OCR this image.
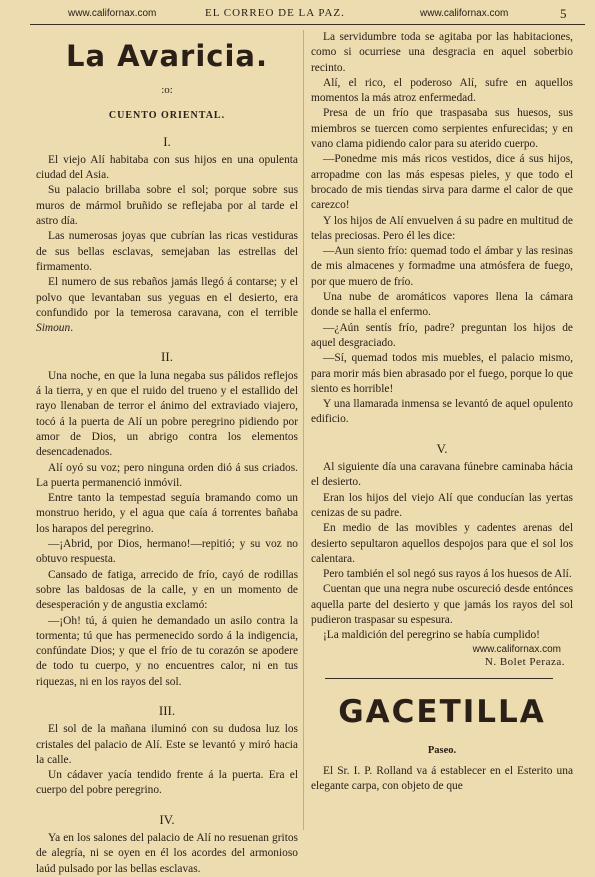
www.californax.com	EL CORREO DE LA PAZ.	www.californax.com	5
La Avaricia.
:o:
CUENTO ORIENTAL.
I.

El viejo Alí habitaba con sus hijos en una opulenta ciudad del Asia.

Su palacio brillaba sobre el sol; porque sobre sus muros de mármol bruñido se reflejaba por al tarde el astro día.

Las numerosas joyas que cubrían las ricas vestiduras de sus bellas esclavas, semejaban las estrellas del firmamento.

El numero de sus rebaños jamás llegó á contarse; y el polvo que levantaban sus yeguas en el desierto, era confundido por la temerosa caravana, con el terrible Simoun.

II.

Una noche, en que la luna negaba sus pálidos reflejos á la tierra, y en que el ruido del trueno y el estallido del rayo llenaban de terror el ánimo del extraviado viajero, tocó á la puerta de Alí un pobre peregrino pidiendo por amor de Dios, un abrigo contra los elementos desencadenados.

Alí oyó su voz; pero ninguna orden dió á sus criados. La puerta permanenció inmóvil.

Entre tanto la tempestad seguía bramando como un monstruo herido, y el agua que caía á torrentes bañaba los harapos del peregrino.

—¡Abrid, por Dios, hermano!—repitió; y su voz no obtuvo respuesta.

Cansado de fatiga, arrecido de frío, cayó de rodillas sobre las baldosas de la calle, y en un momento de desesperación y de angustia exclamó:

—¡Oh! tú, á quien he demandado un asilo contra la tormenta; tú que has permenecido sordo á la indigencia, confúndate Dios; y que el frío de tu corazón se apodere de todo tu cuerpo, y no encuentres calor, ni en tus riquezas, ni en los rayos del sol.

III.

El sol de la mañana iluminó con su dudosa luz los cristales del palacio de Alí. Este se levantó y miró hacia la calle.

Un cádaver yacía tendido frente á la puerta. Era el cuerpo del pobre peregrino.

IV.

Ya en los salones del palacio de Alí no resuenan gritos de alegría, ni se oyen en él los acordes del armonioso laúd pulsado por las bellas esclavas.

La servidumbre toda se agitaba por las habitaciones, como si ocurriese una desgracia en aquel soberbio recinto.

Alí, el rico, el poderoso Alí, sufre en aquellos momentos la más atroz enfermedad.

Presa de un frío que traspasaba sus huesos, sus miembros se tuercen como serpientes enfurecidas; y en vano clama pidiendo calor para su aterido cuerpo.

—Ponedme mis más ricos vestidos, dice á sus hijos, arropadme con las más espesas pieles, y que todo el brocado de mis tiendas sirva para darme el calor de que carezco!

Y los hijos de Alí envuelven á su padre en multitud de telas preciosas. Pero él les dice:

—Aun siento frío: quemad todo el ámbar y las resinas de mis almacenes y formadme una atmósfera de fuego, por que muero de frío.

Una nube de aromáticos vapores llena la cámara donde se halla el enfermo.

—¿Aún sentís frío, padre? preguntan los hijos de aquel desgraciado.

—Sí, quemad todos mis muebles, el palacio mismo, para morir más bien abrasado por el fuego, porque lo que siento es horrible!

Y una llamarada inmensa se levantó de aquel opulento edificio.

V.

Al siguiente día una caravana fúnebre caminaba hácia el desierto.

Eran los hijos del viejo Alí que conducían las yertas cenizas de su padre.

En medio de las movibles y cadentes arenas del desierto sepultaron aquellos despojos para que el sol los calentara.

Pero también el sol negó sus rayos á los huesos de Alí.

Cuentan que una negra nube oscureció desde entónces aquella parte del desierto y que jamás los rayos del sol pudieron traspasar su espesura.

¡La maldición del peregrino se había cumplido!

www.californax.com
N. Bolet Peraza.
GACETILLA
Paseo.

El Sr. I. P. Rolland va á establecer en el Esterito una elegante carpa, con objeto de que
